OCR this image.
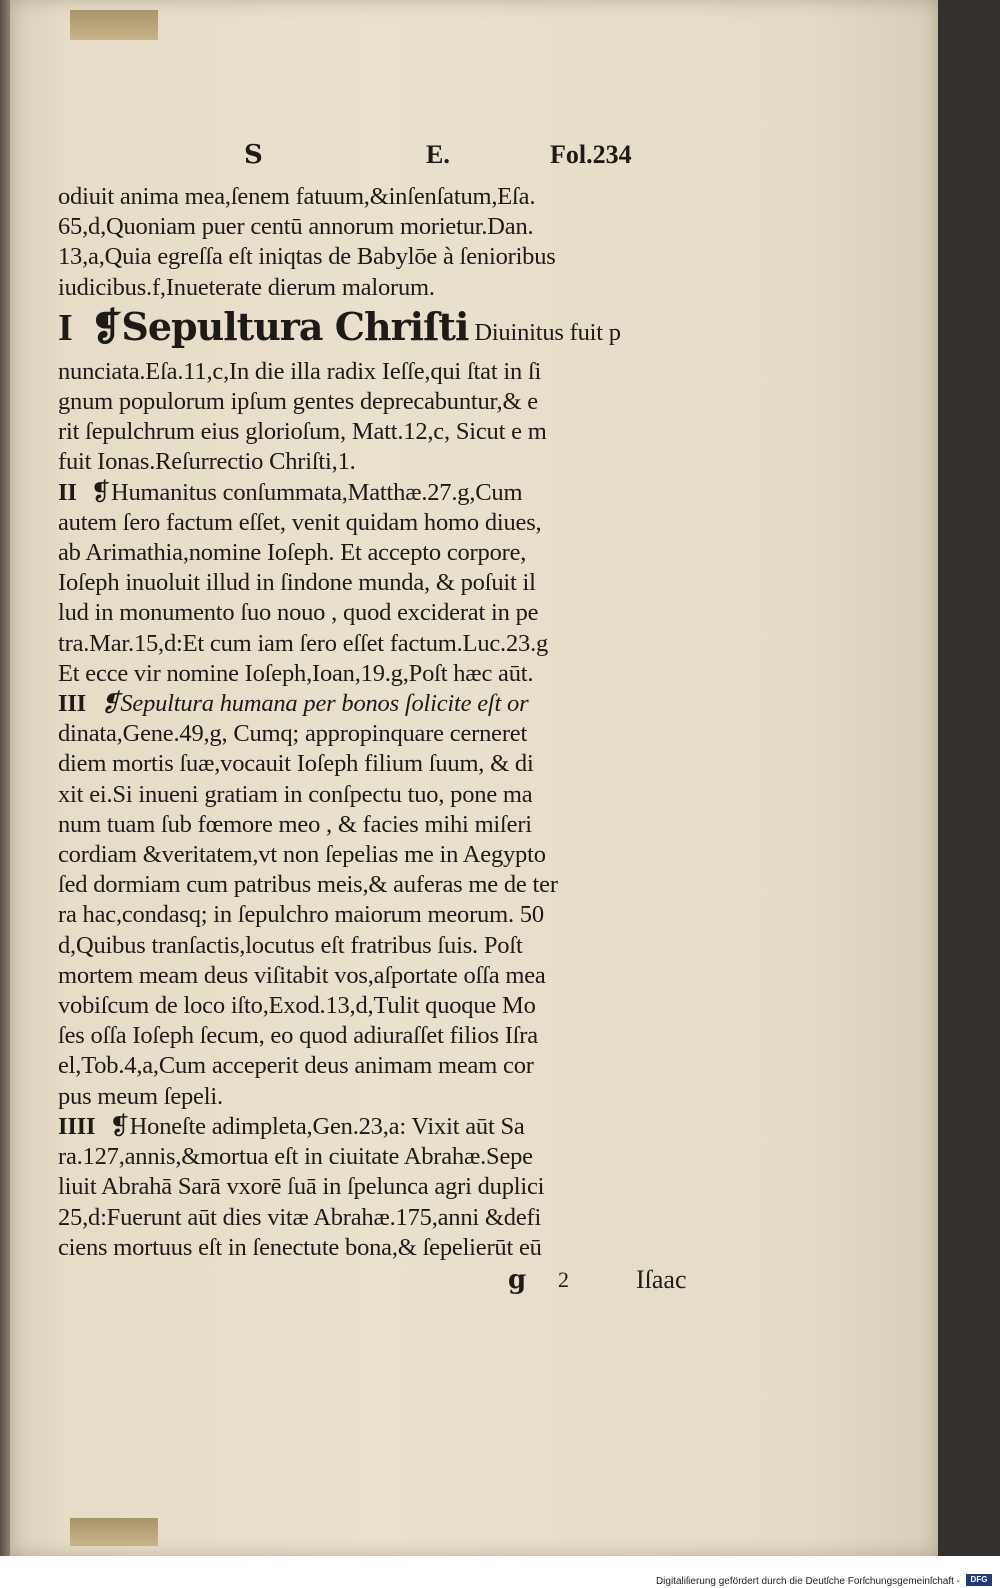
S	E.	Fol.234
odiuit anima mea,ſenem fatuum,&inſenſatum,Eſa.
65,d,Quoniam puer centū annorum morietur.Dan.
13,a,Quia egreſſa eſt iniqtas de Babylōe à ſenioribus
iudicibus.f,Inueterate dierum malorum.
I ❡Sepultura Chriſti Diuinitus fuit p
nunciata.Eſa.11,c,In die illa radix Ieſſe,qui ſtat in ſi
gnum populorum ipſum gentes deprecabuntur,& e
rit ſepulchrum eius glorioſum, Matt.12,c, Sicut e m
fuit Ionas.Reſurrectio Chriſti,1.
II ❡Humanitus conſummata,Matthæ.27.g,Cum
autem ſero factum eſſet, venit quidam homo diues,
ab Arimathia,nomine Ioſeph. Et accepto corpore,
Ioſeph inuoluit illud in ſindone munda, & poſuit il
lud in monumento ſuo nouo , quod exciderat in pe
tra.Mar.15,d:Et cum iam ſero eſſet factum.Luc.23.g
Et ecce vir nomine Ioſeph,Ioan,19.g,Poſt hæc aūt.
III ❡Sepultura humana per bonos ſolicite eſt or
dinata,Gene.49,g, Cumq; appropinquare cerneret
diem mortis ſuæ,vocauit Ioſeph filium ſuum, & di
xit ei.Si inueni gratiam in conſpectu tuo, pone ma
num tuam ſub fœmore meo , & facies mihi miſeri
cordiam &veritatem,vt non ſepelias me in Aegypto
ſed dormiam cum patribus meis,& auferas me de ter
ra hac,condasq; in ſepulchro maiorum meorum. 50
d,Quibus tranſactis,locutus eſt fratribus ſuis. Poſt
mortem meam deus viſitabit vos,aſportate oſſa mea
vobiſcum de loco iſto,Exod.13,d,Tulit quoque Mo
ſes oſſa Ioſeph ſecum, eo quod adiuraſſet filios Iſra
el,Tob.4,a,Cum acceperit deus animam meam cor
pus meum ſepeli.
IIII ❡Honeſte adimpleta,Gen.23,a: Vixit aūt Sa
ra.127,annis,&mortua eſt in ciuitate Abrahæ.Sepe
liuit Abrahā Sarā vxorē ſuā in ſpelunca agri duplici
25,d:Fuerunt aūt dies vitæ Abrahæ.175,anni &defi
ciens mortuus eſt in ſenectute bona,& ſepelierūt eū
g 2	Iſaac
Digitaliſierung gefördert durch die Deutſche Forſchungsgemeinſchaft -	DFG
